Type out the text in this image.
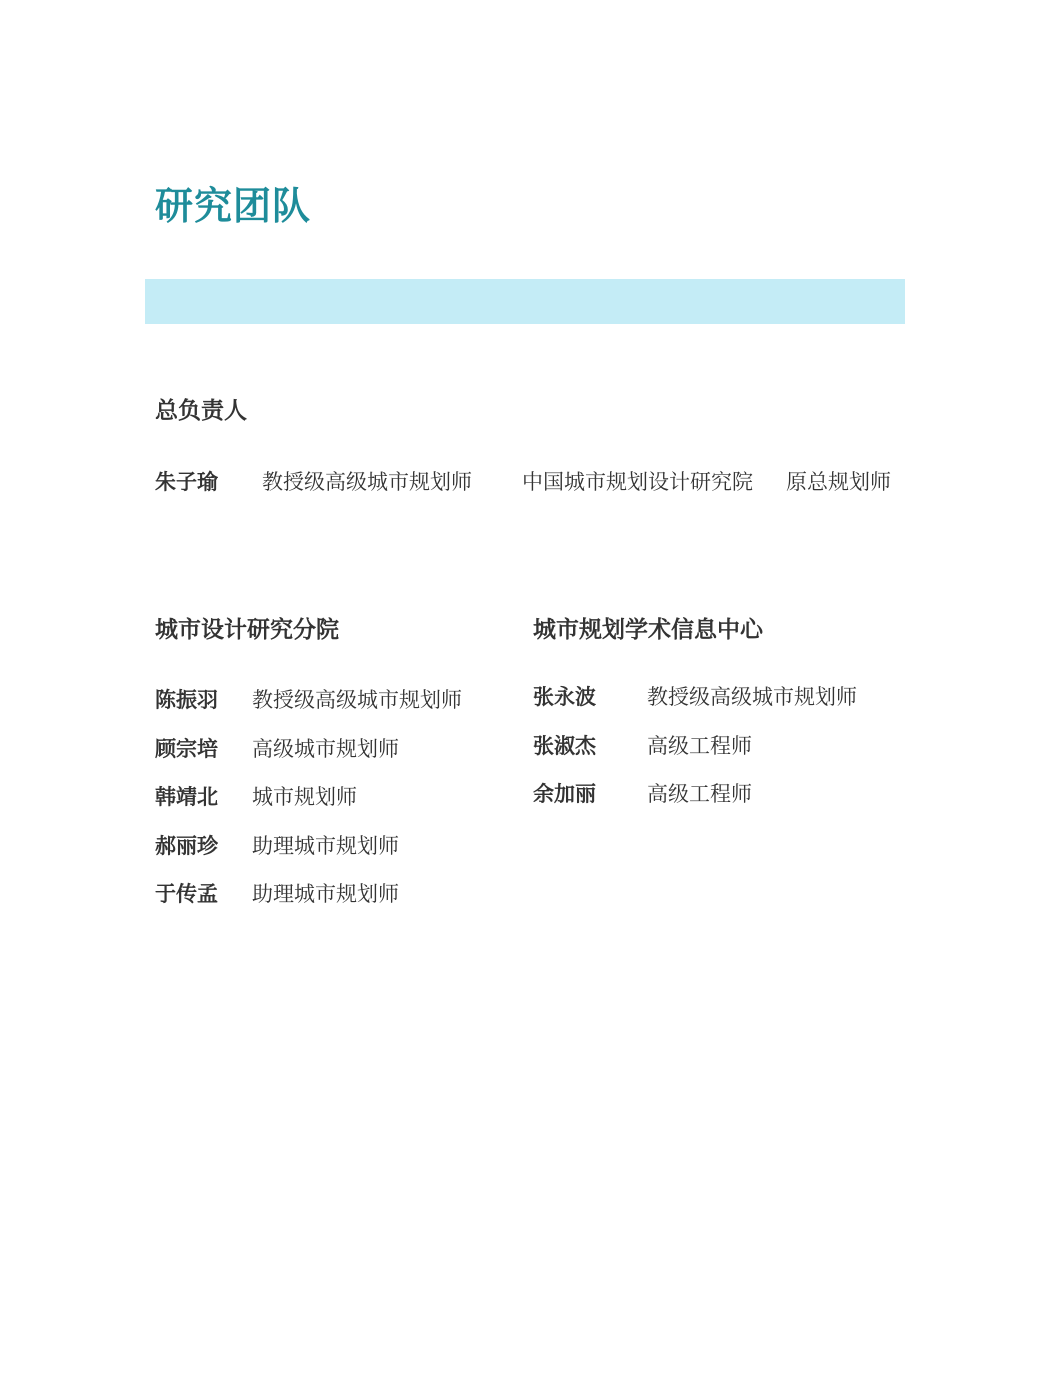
研究团队
总负责人
朱子瑜 教授级高级城市规划师 中国城市规划设计研究院 原总规划师
城市设计研究分院
陈振羽 教授级高级城市规划师
顾宗培 高级城市规划师
韩靖北 城市规划师
郝丽珍 助理城市规划师
于传孟 助理城市规划师
城市规划学术信息中心
张永波 教授级高级城市规划师
张淑杰 高级工程师
余加丽 高级工程师
